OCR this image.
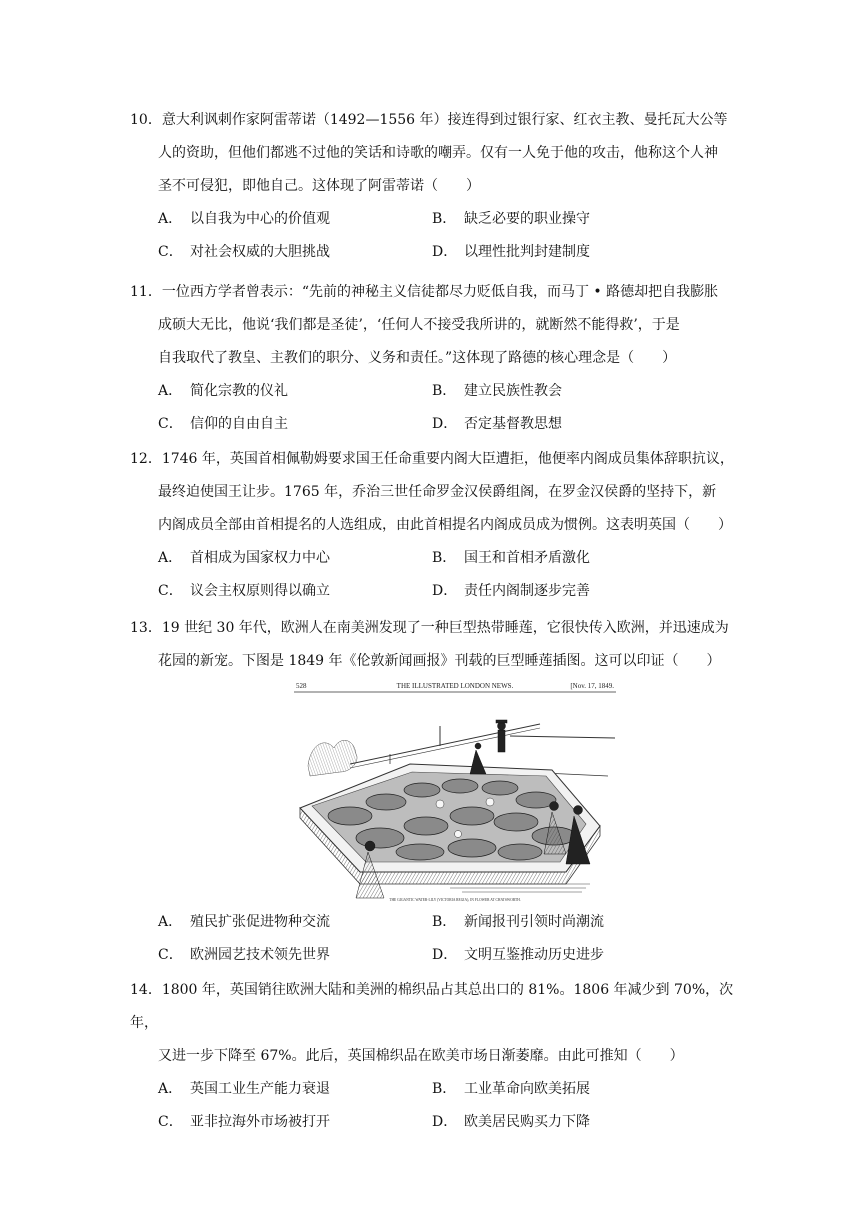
10．意大利讽刺作家阿雷蒂诺（1492—1556 年）接连得到过银行家、红衣主教、曼托瓦大公等
人的资助，但他们都逃不过他的笑话和诗歌的嘲弄。仅有一人免于他的攻击，他称这个人神
圣不可侵犯，即他自己。这体现了阿雷蒂诺（　　）
A． 以自我为中心的价值观	B． 缺乏必要的职业操守
C． 对社会权威的大胆挑战	D． 以理性批判封建制度
11．一位西方学者曾表示：“先前的神秘主义信徒都尽力贬低自我，而马丁 • 路德却把自我膨胀
成硕大无比，他说‘我们都是圣徒’，‘任何人不接受我所讲的，就断然不能得救’，于是
自我取代了教皇、主教们的职分、义务和责任。”这体现了路德的核心理念是（　　）
A． 简化宗教的仪礼	B． 建立民族性教会
C． 信仰的自由自主	D． 否定基督教思想
12．1746 年，英国首相佩勒姆要求国王任命重要内阁大臣遭拒，他便率内阁成员集体辞职抗议，
最终迫使国王让步。1765 年，乔治三世任命罗金汉侯爵组阁，在罗金汉侯爵的坚持下，新
内阁成员全部由首相提名的人选组成，由此首相提名内阁成员成为惯例。这表明英国（　　）
A． 首相成为国家权力中心	B． 国王和首相矛盾激化
C． 议会主权原则得以确立	D． 责任内阁制逐步完善
13．19 世纪 30 年代，欧洲人在南美洲发现了一种巨型热带睡莲，它很快传入欧洲，并迅速成为
花园的新宠。下图是 1849 年《伦敦新闻画报》刊载的巨型睡莲插图。这可以印证（　　）
528	THE ILLUSTRATED LONDON NEWS.	[Nov. 17, 1849.
THE GIGANTIC WATER-LILY (VICTORIA REGIA), IN FLOWER AT CHATSWORTH.
A． 殖民扩张促进物种交流	B． 新闻报刊引领时尚潮流
C． 欧洲园艺技术领先世界	D． 文明互鉴推动历史进步
14．1800 年，英国销往欧洲大陆和美洲的棉织品占其总出口的 81%。1806 年减少到 70%，次年，
又进一步下降至 67%。此后，英国棉织品在欧美市场日渐萎靡。由此可推知（　　）
A． 英国工业生产能力衰退	B． 工业革命向欧美拓展
C． 亚非拉海外市场被打开	D． 欧美居民购买力下降
